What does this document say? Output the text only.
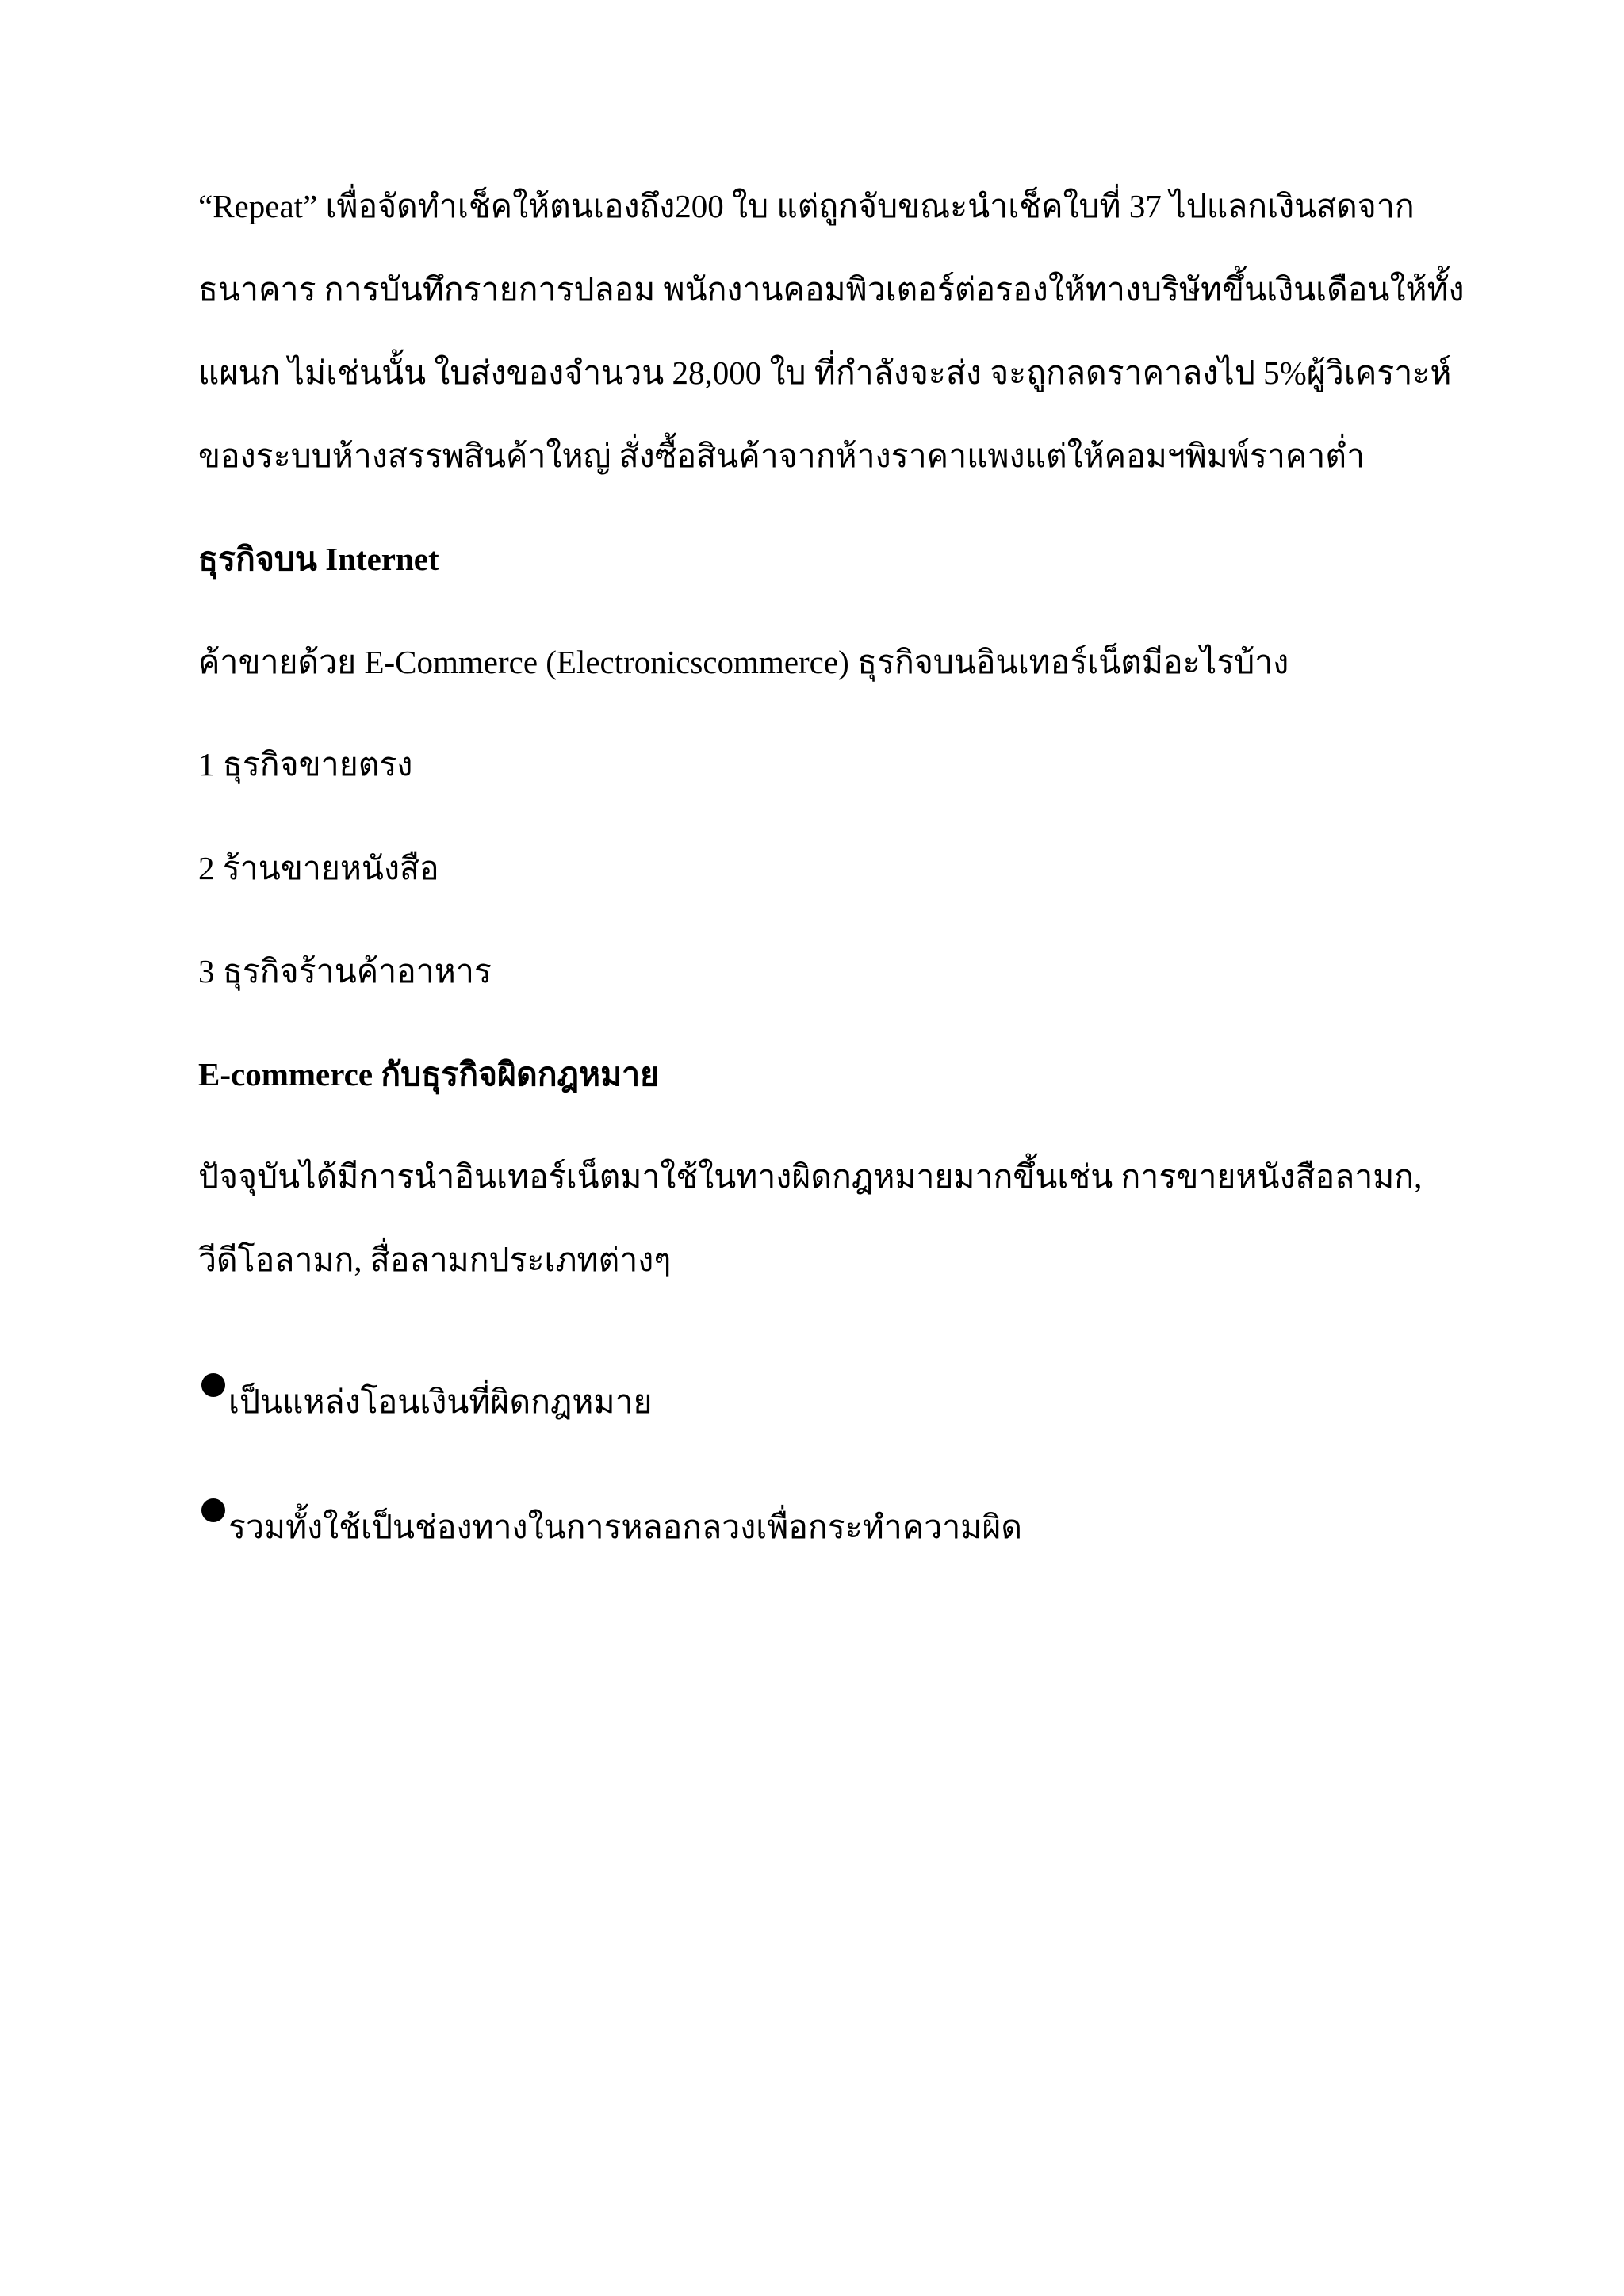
“Repeat” เพื่อจัดทำเช็คให้ตนเองถึง200 ใบ แต่ถูกจับขณะนำเช็คใบที่ 37 ไปแลกเงินสดจาก
ธนาคาร การบันทึกรายการปลอม พนักงานคอมพิวเตอร์ต่อรองให้ทางบริษัทขึ้นเงินเดือนให้ทั้ง
แผนก ไม่เช่นนั้น ใบส่งของจำนวน 28,000 ใบ ที่กำลังจะส่ง จะถูกลดราคาลงไป 5%ผู้วิเคราะห์
ของระบบห้างสรรพสินค้าใหญ่ สั่งซื้อสินค้าจากห้างราคาแพงแต่ให้คอมฯพิมพ์ราคาต่ำ
ธุรกิจบน Internet
ค้าขายด้วย E-Commerce (Electronicscommerce) ธุรกิจบนอินเทอร์เน็ตมีอะไรบ้าง
1 ธุรกิจขายตรง
2 ร้านขายหนังสือ
3 ธุรกิจร้านค้าอาหาร
E-commerce กับธุรกิจผิดกฎหมาย
ปัจจุบันได้มีการนำอินเทอร์เน็ตมาใช้ในทางผิดกฎหมายมากขึ้นเช่น การขายหนังสือลามก,
วีดีโอลามก, สื่อลามกประเภทต่างๆ
เป็นแหล่งโอนเงินที่ผิดกฎหมาย
รวมทั้งใช้เป็นช่องทางในการหลอกลวงเพื่อกระทำความผิด
